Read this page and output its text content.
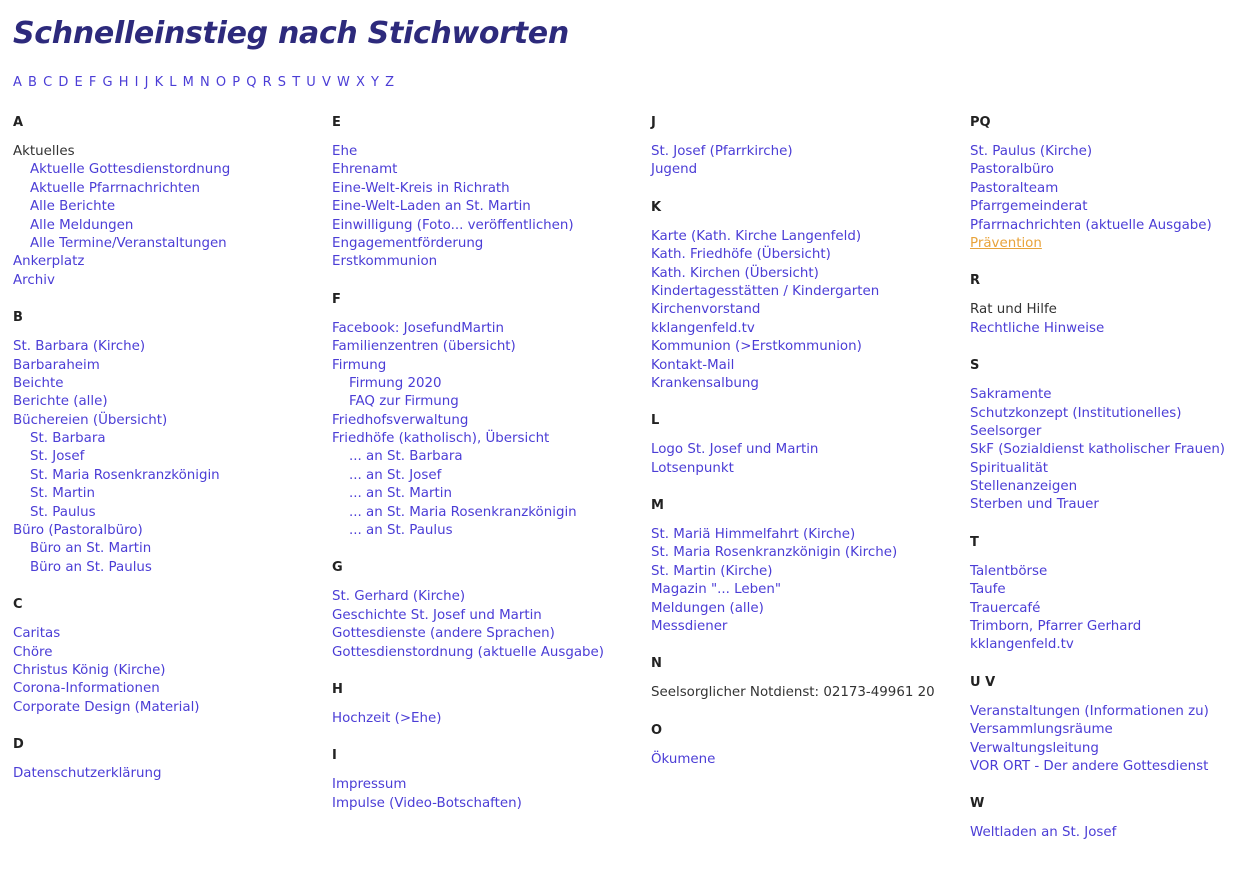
Schnelleinstieg nach Stichworten
A B C D E F G H I J K L M N O P Q R S T U V W X Y Z
A
Aktuelles
Aktuelle Gottesdienstordnung
Aktuelle Pfarrnachrichten
Alle Berichte
Alle Meldungen
Alle Termine/Veranstaltungen
Ankerplatz
Archiv
B
St. Barbara (Kirche)
Barbaraheim
Beichte
Berichte (alle)
Büchereien (Übersicht)
St. Barbara
St. Josef
St. Maria Rosenkranzkönigin
St. Martin
St. Paulus
Büro (Pastoralbüro)
Büro an St. Martin
Büro an St. Paulus
C
Caritas
Chöre
Christus König (Kirche)
Corona-Informationen
Corporate Design (Material)
D
Datenschutzerklärung
E
Ehe
Ehrenamt
Eine-Welt-Kreis in Richrath
Eine-Welt-Laden an St. Martin
Einwilligung (Foto... veröffentlichen)
Engagementförderung
Erstkommunion
F
Facebook: JosefundMartin
Familienzentren (übersicht)
Firmung
Firmung 2020
FAQ zur Firmung
Friedhofsverwaltung
Friedhöfe (katholisch), Übersicht
... an St. Barbara
... an St. Josef
... an St. Martin
... an St. Maria Rosenkranzkönigin
... an St. Paulus
G
St. Gerhard (Kirche)
Geschichte St. Josef und Martin
Gottesdienste (andere Sprachen)
Gottesdienstordnung (aktuelle Ausgabe)
H
Hochzeit (>Ehe)
I
Impressum
Impulse (Video-Botschaften)
J
St. Josef (Pfarrkirche)
Jugend
K
Karte (Kath. Kirche Langenfeld)
Kath. Friedhöfe (Übersicht)
Kath. Kirchen (Übersicht)
Kindertagesstätten / Kindergarten
Kirchenvorstand
kklangenfeld.tv
Kommunion (>Erstkommunion)
Kontakt-Mail
Krankensalbung
L
Logo St. Josef und Martin
Lotsenpunkt
M
St. Mariä Himmelfahrt (Kirche)
St. Maria Rosenkranzkönigin (Kirche)
St. Martin (Kirche)
Magazin "... Leben"
Meldungen (alle)
Messdiener
N
Seelsorglicher Notdienst: 02173-49961 20
O
Ökumene
PQ
St. Paulus (Kirche)
Pastoralbüro
Pastoralteam
Pfarrgemeinderat
Pfarrnachrichten (aktuelle Ausgabe)
Prävention
R
Rat und Hilfe
Rechtliche Hinweise
S
Sakramente
Schutzkonzept (Institutionelles)
Seelsorger
SkF (Sozialdienst katholischer Frauen)
Spiritualität
Stellenanzeigen
Sterben und Trauer
T
Talentbörse
Taufe
Trauercafé
Trimborn, Pfarrer Gerhard
kklangenfeld.tv
U V
Veranstaltungen (Informationen zu)
Versammlungsräume
Verwaltungsleitung
VOR ORT - Der andere Gottesdienst
W
Weltladen an St. Josef
